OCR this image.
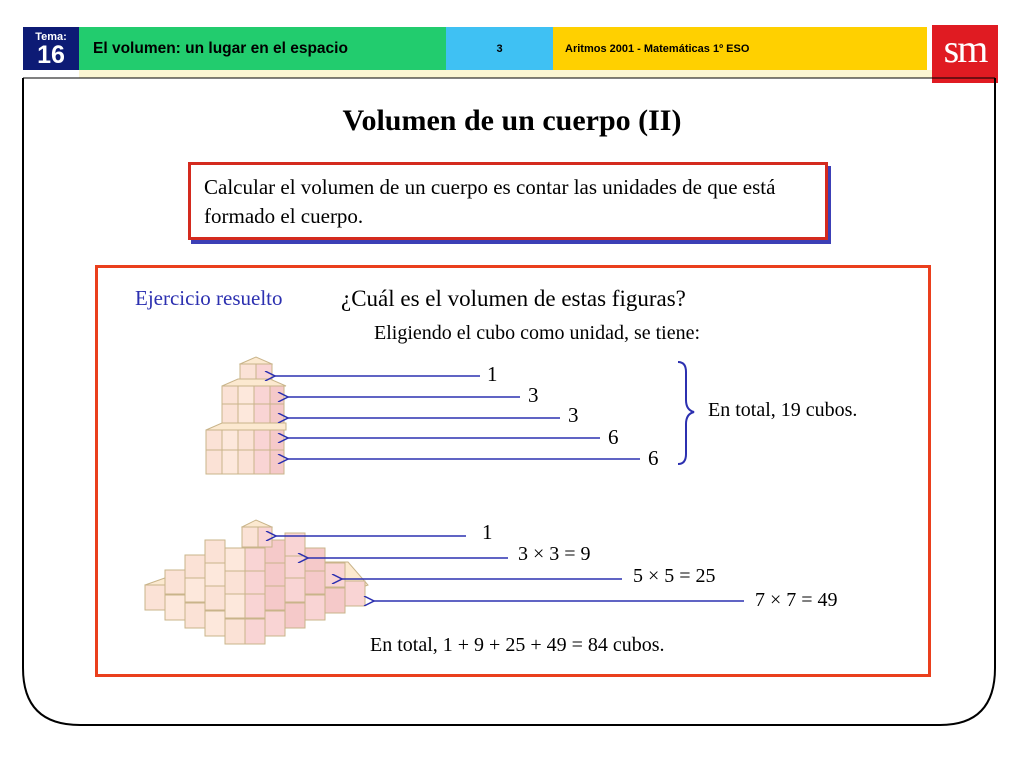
Tema:
16	El volumen: un lugar en el espacio	3	Aritmos 2001 - Matemáticas 1º ESO	sm
Volumen de un cuerpo (II)
Calcular el volumen de un cuerpo es contar las unidades de que está formado el cuerpo.
Ejercicio resuelto	¿Cuál es el volumen de estas figuras?
Eligiendo el cubo como unidad, se tiene:
1
3
3
6
6
En total, 19 cubos.
1
3 × 3 = 9
5 × 5 = 25
7 × 7 = 49
En total, 1 + 9 + 25 + 49 = 84 cubos.
